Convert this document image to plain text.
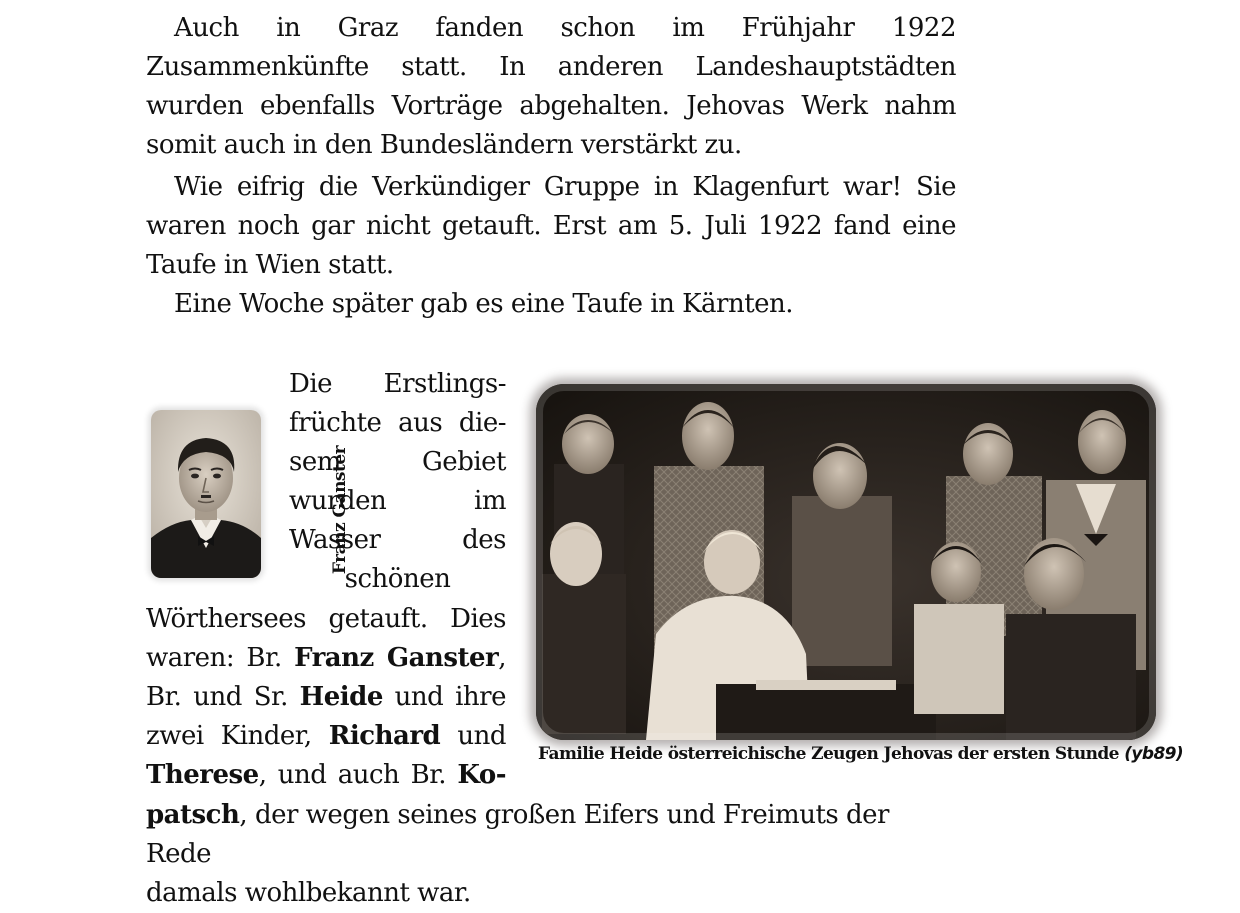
Auch in Graz fanden schon im Frühjahr 1922 Zusammenkünfte statt. In anderen Landeshauptstädten wurden ebenfalls Vorträge abgehalten. Jehovas Werk nahm somit auch in den Bundesländern verstärkt zu.

Wie eifrig die Verkündiger Gruppe in Klagenfurt war! Sie waren noch gar nicht getauft. Erst am 5. Juli 1922 fand eine Taufe in Wien statt.

Eine Woche später gab es eine Taufe in Kärnten.

Franz Ganster

Die Erstlings-
früchte aus die-
sem Gebiet
wurden im
Wasser des
schönen

Wörthersees getauft. Dies
waren: Br. Franz Ganster,
Br. und Sr. Heide und ihre
zwei Kinder, Richard und
Therese, und auch Br. Ko-

patsch, der wegen seines großen Eifers und Freimuts der Rede
damals wohlbekannt war.

Familie Heide österreichische Zeugen Jehovas der ersten Stunde (yb89)
